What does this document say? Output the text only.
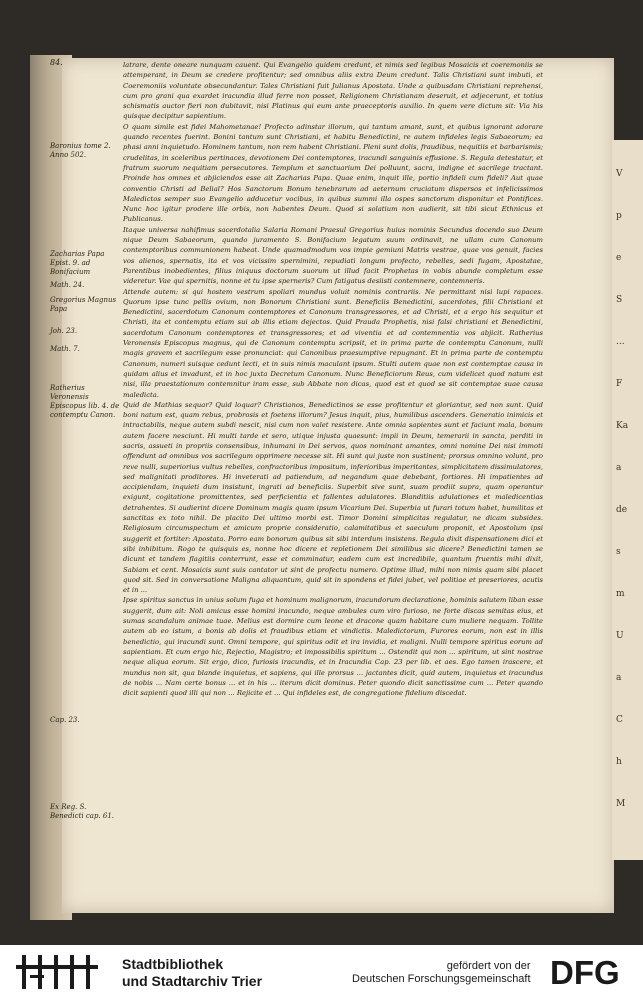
V
p
e
S
...
F
Ka
a
de
s
m
U
a
C
h
M
84.
Baronius tome 2. Anno 502.
Zacharias Papa Epist. 9. ad Bonifacium
Math. 24.
Gregorius Magnus Papa
Joh. 23.
Math. 7.
Ratherius Veronensis Episcopus lib. 4. de contemptu Canon.
Cap. 23.
Ex Reg. S. Benedicti cap. 61.

latrare, dente oneare nunquam cauent. Qui Evangelio quidem credunt, et nimis sed legibus Mosaicis et coeremoniis se attemperant, in Deum se credere profitentur; sed omnibus aliis extra Deum credunt. Talis Christiani sunt imbuti, et Coeremoniis voluntate obsecundantur. Tales Christiani fuit Julianus Apostata. Unde a quibusdam Christiani reprehensi, cum pro grani qua exardet iracundia illud ferre non posset, Religionem Christianam deseruit, et adjecerunt, et totius schismatis auctor fieri non dubitavit, nisi Platinus qui eum ante praeceptoris auxilio. In quem vere dictum sit: Via his quisque decipitur sapientium.

O quam simile est fidei Mahometanae! Profecto adinstar illorum, qui tantum amant, sunt, et quibus ignorant adorare quando recentes fuerint. Bonini tantum sunt Christiani, et habitu Benedictini, re autem infideles legis Sabaeorum; ea phasi anni inquietudo. Hominem tantum, non rem habent Christiani. Pleni sunt dolis, fraudibus, nequitiis et barbarismis; crudelitas, in sceleribus pertinaces, devotionem Dei contemptores, iracundi sanguinis effusione. S. Regula detestatur, et fratrum suorum nequitiam persecutores. Templum et sanctuarium Dei polluunt, sacra, indigne et sacrilege tractant. Proinde hos omnes et abjiciendos esse ait Zacharias Papa. Quae enim, inquit ille, portio infideli cum fideli? Aut quae conventio Christi ad Belial? Hos Sanctorum Bonum tenebrarum ad aeternum cruciatum dispersos et infelicissimos Maledictos semper suo Evangelio adducetur vocibus, in quibus summi illa ospes sanctorum disponitur et Pontifices. Nunc hoc igitur prodere ille orbis, non habentes Deum. Quod si solatium non audierit, sit tibi sicut Ethnicus et Publicanus.

Itaque universa nahifimus sacerdotalia Salaria Romani Praesul Gregorius huius nominis Secundus docendo suo Deum nique Deum Sabaeorum, quando juramento S. Bonifacium legatum suum ordinavit, ne ullam cum Canonum contemptoribus communionem habeat. Unde quamadmodum vos impie gemiuni Matris vestrae, quae vos genuit, facies vos alienos, spernatis, ita et vos vicissim spernimini, repudiati longum profecto, rebelles, sedi fugam, Apostatae, Parentibus inobedientes, filius iniquus doctorum suorum ut illud facit Prophetas in vobis abunde completum esse videretur. Vae qui spernitis, nonne et tu ipse sperneris? Cum fatigatus desiisti contemnere, contemneris.

Attende autem: si qui hostem vestrum spoliari mundus voluit nominis contrariis. Ne permittant nisi lupi rapaces. Quorum ipse tunc pellis ovium, non Bonorum Christiani sunt. Beneficiis Benedictini, sacerdotes, filii Christiani et Benedictini, sacerdotum Canonum contemptores et Canonum transgressores, et ad Christi, et a ergo his sequitur et Christi, ita et contemptu etiam sui ab illis etiam dejectos. Quid Prauda Prophetis, nisi falsi christiani et Benedictini, sacerdotum Canonum contemptores et transgressores; et ad viventia et ad contemnentia vos abjicit. Ratherius Veronensis Episcopus magnus, qui de Canonum contemptu scripsit, et in prima parte de contemptu Canonum, nulli magis gravem et sacrilegum esse pronunciat: qui Canonibus praesumptive repugnant. Et in prima parte de contemptu Canonum, numeri suisque cedunt lecti, et in suis nimis maculant ipsum. Stulti autem quae non est contemptae causa in quidam alius et invadunt, et in hoc juxta Decretum Canonum. Nunc Beneficiorum Reus, cum videlicet quod natum est nisi, illa praestationum contemnitur iram esse, sub Abbate non dicas, quod est et quod se sit contemptae suae causa maledicta.

Quid de Mathias sequar? Quid loquar? Christianos, Benedictinos se esse profitentur et gloriantur, sed non sunt. Quid boni natum est, quam rebus, probrosis et foetens illorum? Jesus inquit, pius, humilibus ascenders. Generatio inimicis et intractabilis, neque autem subdi nescit, nisi cum non valet resistere. Ante omnia sapientes sunt et faciunt mala, bonum autem facere nesciunt. Hi multi tarde et sero, utique injusta quaesunt: impii in Deum, temerarii in sancta, perditi in sacris, assueti in propriis consensibus, inhumani in Dei servos, quos nominant amantes, omni nomine Dei nisi immoti offendunt ad omnibus vos sacrilegum opprimere necesse sit. Hi sunt qui juste non sustinent; prorsus omnino volunt, pro reve nulli, superiorius vultus rebelles, confractoribus impositum, inferioribus imperitantes, simplicitatem dissimulatores, sed malignitati proditores. Hi inveterati ad patiendum, ad negandum quae debebant, fortiores. Hi impatientes ad accipiendam, inquieti dum insistunt, ingrati ad beneficiis. Superbit sive sunt, suam prodiit supra, quam operantur exigunt, cogitatione promittentes, sed perficientia et fallentes adulatores. Blanditiis adulationes et maledicentias detrahentes. Si audierint dicere Dominum magis quam ipsum Vicarium Dei. Superbia ut furari totum habet, humilitas et sanctitas ex toto nihil. De placito Dei ultimo morbi est. Timor Domini simplicitas regulatur, ne dicam subsides. Religiosum circumspectum et amicum proprie consideratio, calamitatibus et saeculum proponit, et Apostolum ipsi suggerit et fortiter: Apostata. Porro eam bonorum quibus sit sibi interdum insistens. Regula dixit dispensationem dici et sibi inhibitum. Rogo te quisquis es, nonne hoc dicere et repletionem Dei similibus sic dicere? Benedictini tamen se dicunt et tandem flagitiis conterrunt, esse et comminatur, eadem cum est incredibile, quantum fruentis mihi dixit, Sabiam et cent. Mosaicis sunt suis cantator ut sint de profectu numero. Optime illud, mihi non nimis quam sibi placet quod sit. Sed in conversatione Maligna aliquantum, quid sit in spondens et fidei jubet, vel politiae et preseriores, acutis et in ...

Ipse spiritus sanctus in unius solum fuga et hominum malignorum, iracundorum declaratione, hominis salutem liban esse suggerit, dum ait: Noli amicus esse homini iracundo, neque ambules cum viro furioso, ne forte discas semitas eius, et sumas scandalum animae tuae. Melius est dormire cum leone et dracone quam habitare cum muliere nequam. Tollite autem ab eo istum, a bonis ab dolis et fraudibus etiam et vindictis. Maledictorum, Furores eorum, non est in illis benedictio, qui iracundi sunt. Omni tempore, qui spiritus odit et ira invidia, et maligni. Nulli tempore spiritus eorum ad sapientiam. Et cum ergo hic, Rejectio, Magistro; et impossibilis spiritum ... Ostendit qui non ... spiritum, ut sint nostrae neque aliqua eorum. Sit ergo, dico, furiosis iracundis, et in Iracundia Cap. 23 per lib. et aes. Ego tamen irascere, et mundus non sit, qua blande inquietus, et sapiens, qui ille prorsus ... jactantes dicit, quid autem, inquietus et iracundus de nobis ... Nam certe bonus ... et in his ... iterum dicit dominus. Peter quondo dicit sanctissime cum ... Peter quando dicit sapienti quod illi qui non ... Rejicite et ... Qui infideles est, de congregatione fidelium discedat.

Stadtbibliothek
und Stadtarchiv Trier
gefördert von der
Deutschen Forschungsgemeinschaft DFG
